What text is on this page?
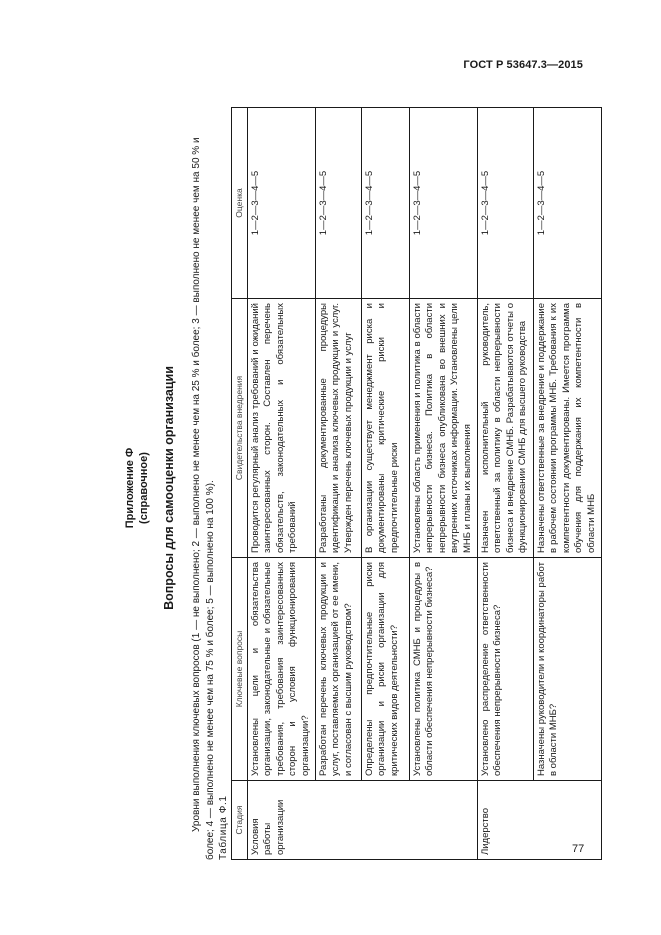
ГОСТ Р 53647.3—2015
Приложение Ф (справочное) Вопросы для самооценки организации Уровни выполнения ключевых вопросов (1 — не выполнено; 2 — выполнено не менее чем на 25 % и более; 3 — выполнено не менее чем на 50 % и более; 4 — выполнено не менее чем на 75 % и более; 5 — выполнено на 100 %). Таблица Ф.1 Стадия	Ключевые вопросы	Свидетельства внедрения	Оценка
Условия работы организации	Установлены цели и обязательства организации, законодательные и обязательные требования, требования заинтересованных сторон и условия функционирования организации?	Проводится регулярный анализ требований и ожиданий заинтересованных сторон. Составлен перечень обязательств, законодательных и обязательных требований	1—2—3—4—5
	Разработан перечень ключевых продукции и услуг, поставляемых организацией от ее имени, и согласован с высшим руководством?	Разработаны документированные процедуры идентификации и анализа ключевых продукции и услуг. Утвержден перечень ключевых продукции и услуг	1—2—3—4—5
	Определены предпочтительные риски организации и риски организации для критических видов деятельности?	В организации существует менеджмент риска и документированы критические риски и предпочтительные риски	1—2—3—4—5
	Установлены политика СМНБ и процедуры в области обеспечения непрерывности бизнеса?	Установлены область применения и политика в области непрерывности бизнеса. Политика в области непрерывности бизнеса опубликована во внешних и внутренних источниках информации. Установлены цели МНБ и планы их выполнения	1—2—3—4—5
Лидерство	Установлено распределение ответственности обеспечения непрерывности бизнеса?	Назначен исполнительный руководитель, ответственный за политику в области непрерывности бизнеса и внедрение СМНБ. Разрабатываются отчеты о функционировании СМНБ для высшего руководства	1—2—3—4—5
	Назначены руководители и координаторы работ в области МНБ?	Назначены ответственные за внедрение и поддержание в рабочем состоянии программы МНБ. Требования к их компетентности документированы. Имеется программа обучения для поддержания их компетентности в области МНБ	1—2—3—4—5
77
